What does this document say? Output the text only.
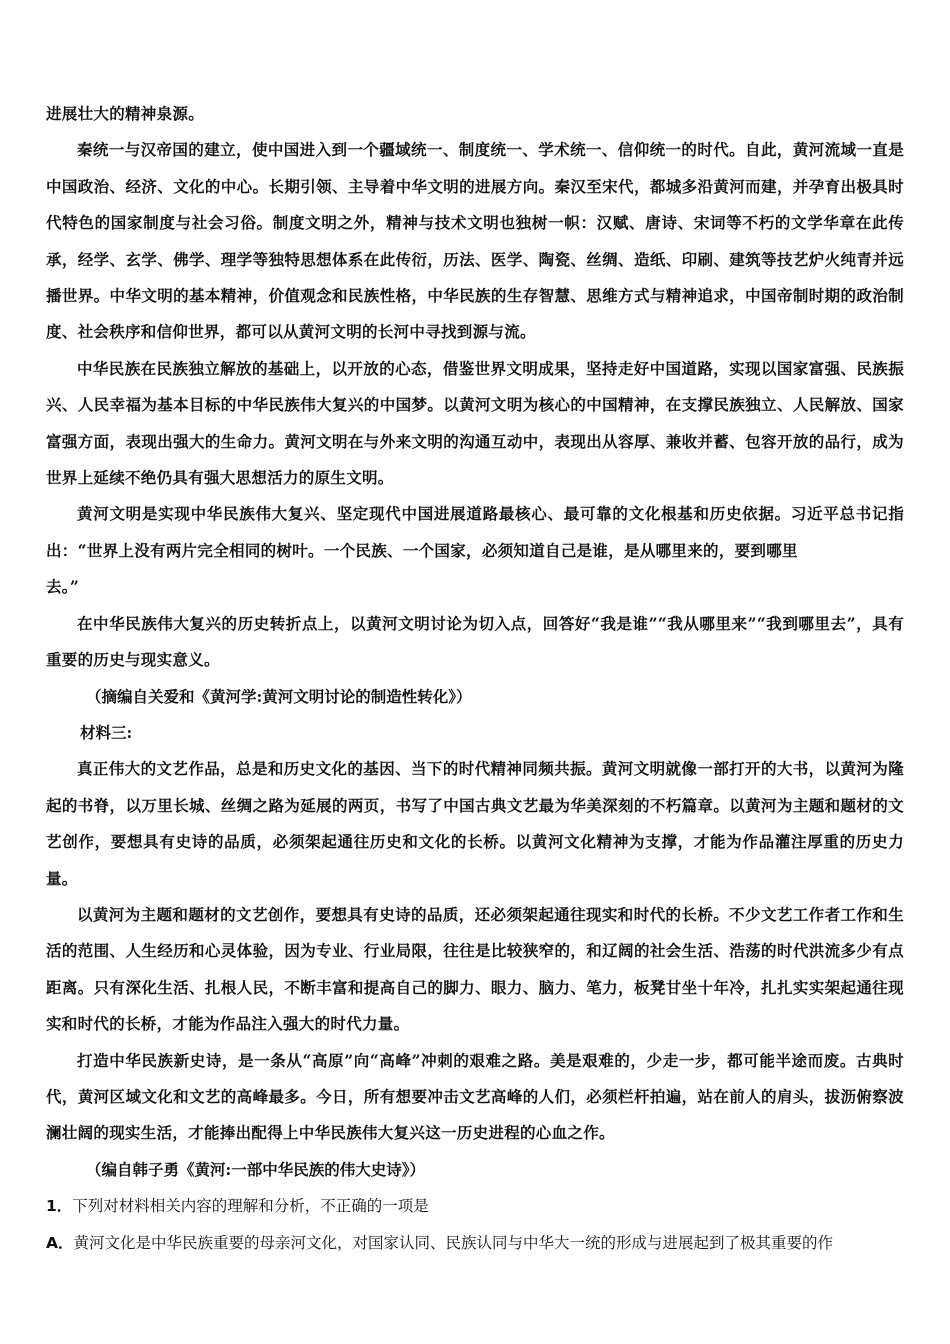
进展壮大的精神泉源。

秦统一与汉帝国的建立，使中国进入到一个疆域统一、制度统一、学术统一、信仰统一的时代。自此，黄河流域一直是中国政治、经济、文化的中心。长期引领、主导着中华文明的进展方向。秦汉至宋代，都城多沿黄河而建，并孕育出极具时代特色的国家制度与社会习俗。制度文明之外，精神与技术文明也独树一帜：汉赋、唐诗、宋词等不朽的文学华章在此传承，经学、玄学、佛学、理学等独特思想体系在此传衍，历法、医学、陶瓷、丝绸、造纸、印刷、建筑等技艺炉火纯青并远播世界。中华文明的基本精神，价值观念和民族性格，中华民族的生存智慧、思维方式与精神追求，中国帝制时期的政治制度、社会秩序和信仰世界，都可以从黄河文明的长河中寻找到源与流。

中华民族在民族独立解放的基础上，以开放的心态，借鉴世界文明成果，坚持走好中国道路，实现以国家富强、民族振兴、人民幸福为基本目标的中华民族伟大复兴的中国梦。以黄河文明为核心的中国精神，在支撑民族独立、人民解放、国家富强方面，表现出强大的生命力。黄河文明在与外来文明的沟通互动中，表现出从容厚、兼收并蓄、包容开放的品行，成为世界上延续不绝仍具有强大思想活力的原生文明。

黄河文明是实现中华民族伟大复兴、坚定现代中国进展道路最核心、最可靠的文化根基和历史依据。习近平总书记指出：“世界上没有两片完全相同的树叶。一个民族、一个国家，必须知道自己是谁，是从哪里来的，要到哪里

去。”

在中华民族伟大复兴的历史转折点上，以黄河文明讨论为切入点，回答好“我是谁”“我从哪里来”“我到哪里去”，具有重要的历史与现实意义。

（摘编自关爱和《黄河学:黄河文明讨论的制造性转化》）

材料三:

真正伟大的文艺作品，总是和历史文化的基因、当下的时代精神同频共振。黄河文明就像一部打开的大书，以黄河为隆起的书脊，以万里长城、丝绸之路为延展的两页，书写了中国古典文艺最为华美深刻的不朽篇章。以黄河为主题和题材的文艺创作，要想具有史诗的品质，必须架起通往历史和文化的长桥。以黄河文化精神为支撑，才能为作品灌注厚重的历史力量。

以黄河为主题和题材的文艺创作，要想具有史诗的品质，还必须架起通往现实和时代的长桥。不少文艺工作者工作和生活的范围、人生经历和心灵体验，因为专业、行业局限，往往是比较狭窄的，和辽阔的社会生活、浩荡的时代洪流多少有点距离。只有深化生活、扎根人民，不断丰富和提高自己的脚力、眼力、脑力、笔力，板凳甘坐十年冷，扎扎实实架起通往现实和时代的长桥，才能为作品注入强大的时代力量。

打造中华民族新史诗，是一条从“高原”向“高峰”冲刺的艰难之路。美是艰难的，少走一步，都可能半途而废。古典时代，黄河区域文化和文艺的高峰最多。今日，所有想要冲击文艺高峰的人们，必须栏杆拍遍，站在前人的肩头，拔沥俯察波澜壮阔的现实生活，才能捧出配得上中华民族伟大复兴这一历史进程的心血之作。

（编自韩子勇《黄河:一部中华民族的伟大史诗》）

1．下列对材料相关内容的理解和分析，不正确的一项是

A．黄河文化是中华民族重要的母亲河文化，对国家认同、民族认同与中华大一统的形成与进展起到了极其重要的作
